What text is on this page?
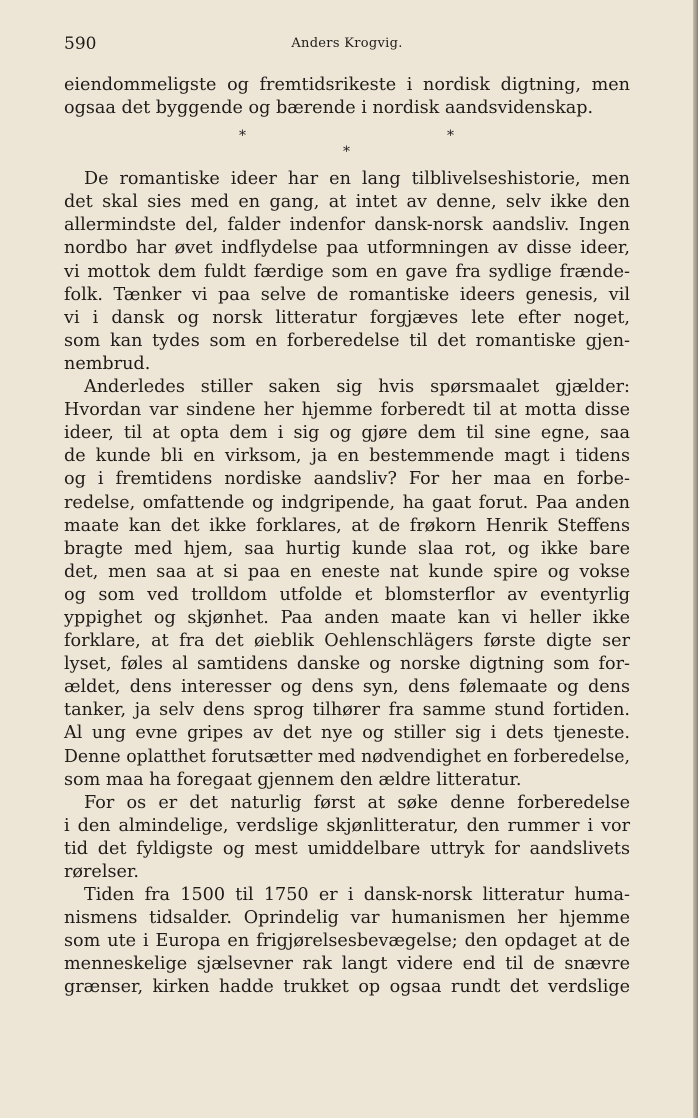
590	Anders Krogvig.
eiendommeligste og fremtidsrikeste i nordisk digtning, men
ogsaa det byggende og bærende i nordisk aandsvidenskap.
*	*
*
De romantiske ideer har en lang tilblivelseshistorie, men
det skal sies med en gang, at intet av denne, selv ikke den
allermindste del, falder indenfor dansk-norsk aandsliv. Ingen
nordbo har øvet indflydelse paa utformningen av disse ideer,
vi mottok dem fuldt færdige som en gave fra sydlige frænde-
folk. Tænker vi paa selve de romantiske ideers genesis, vil
vi i dansk og norsk litteratur forgjæves lete efter noget,
som kan tydes som en forberedelse til det romantiske gjen-
nembrud.
Anderledes stiller saken sig hvis spørsmaalet gjælder:
Hvordan var sindene her hjemme forberedt til at motta disse
ideer, til at opta dem i sig og gjøre dem til sine egne, saa
de kunde bli en virksom, ja en bestemmende magt i tidens
og i fremtidens nordiske aandsliv? For her maa en forbe-
redelse, omfattende og indgripende, ha gaat forut. Paa anden
maate kan det ikke forklares, at de frøkorn Henrik Steffens
bragte med hjem, saa hurtig kunde slaa rot, og ikke bare
det, men saa at si paa en eneste nat kunde spire og vokse
og som ved trolldom utfolde et blomsterflor av eventyrlig
yppighet og skjønhet. Paa anden maate kan vi heller ikke
forklare, at fra det øieblik Oehlenschlägers første digte ser
lyset, føles al samtidens danske og norske digtning som for-
ældet, dens interesser og dens syn, dens følemaate og dens
tanker, ja selv dens sprog tilhører fra samme stund fortiden.
Al ung evne gripes av det nye og stiller sig i dets tjeneste.
Denne oplatthet forutsætter med nødvendighet en forberedelse,
som maa ha foregaat gjennem den ældre litteratur.
For os er det naturlig først at søke denne forberedelse
i den almindelige, verdslige skjønlitteratur, den rummer i vor
tid det fyldigste og mest umiddelbare uttryk for aandslivets
rørelser.
Tiden fra 1500 til 1750 er i dansk-norsk litteratur huma-
nismens tidsalder. Oprindelig var humanismen her hjemme
som ute i Europa en frigjørelsesbevægelse; den opdaget at de
menneskelige sjælsevner rak langt videre end til de snævre
grænser, kirken hadde trukket op ogsaa rundt det verdslige
